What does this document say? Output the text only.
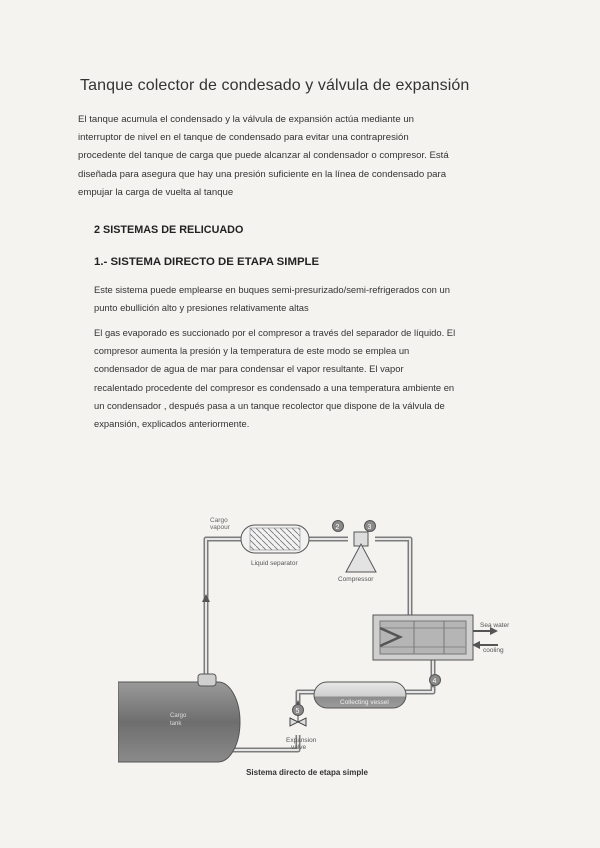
Tanque colector de condesado y válvula de expansión
El tanque acumula el condensado y la válvula de expansión actúa mediante un
interruptor de nivel en el tanque de condensado para evitar una contrapresión
procedente del tanque de carga que puede alcanzar al condensador o compresor. Está
diseñada para asegura que hay una presión suficiente en la línea de condensado para
empujar la carga de vuelta al tanque
2 SISTEMAS DE RELICUADO
1.- SISTEMA DIRECTO DE ETAPA SIMPLE
Este sistema puede emplearse en buques semi-presurizado/semi-refrigerados con un
punto ebullición alto y presiones relativamente altas
El gas evaporado es succionado por el compresor a través del separador de líquido. El
compresor aumenta la presión y la temperatura de este modo se emplea un
condensador de agua de mar para condensar el vapor resultante. El vapor
recalentado procedente del compresor es condensado a una temperatura ambiente en
un condensador , después pasa a un tanque recolector que dispone de la válvula de
expansión, explicados anteriormente.
Cargo
tank
Cargo
vapour
Liquid separator
Compressor
2	3
4
5
Sea water
cooling
Collecting vessel
Expansion
valve
Sistema directo de etapa simple
